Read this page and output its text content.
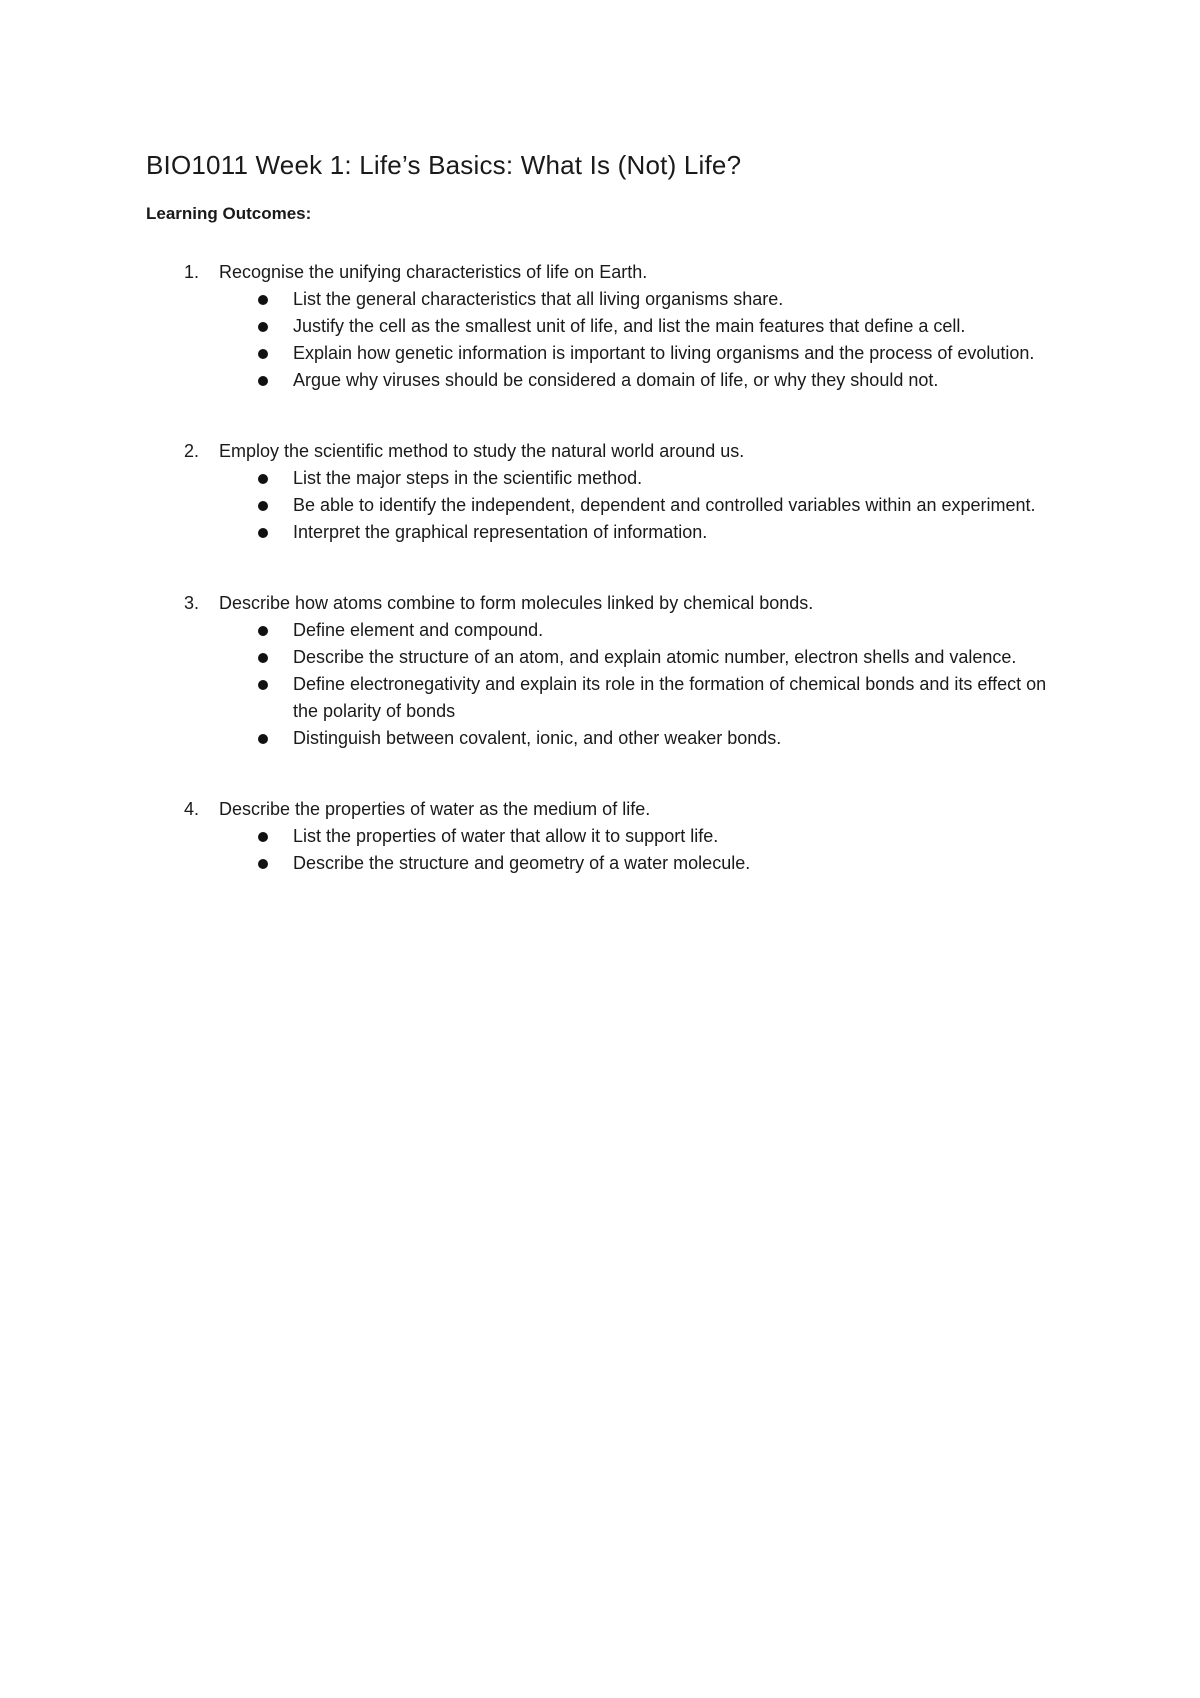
BIO1011 Week 1: Life’s Basics: What Is (Not) Life?
Learning Outcomes:
1.	Recognise the unifying characteristics of life on Earth.
List the general characteristics that all living organisms share.
Justify the cell as the smallest unit of life, and list the main features that define a cell.
Explain how genetic information is important to living organisms and the process of evolution.
Argue why viruses should be considered a domain of life, or why they should not.
2.	Employ the scientific method to study the natural world around us.
List the major steps in the scientific method.
Be able to identify the independent, dependent and controlled variables within an experiment.
Interpret the graphical representation of information.
3.	Describe how atoms combine to form molecules linked by chemical bonds.
Define element and compound.
Describe the structure of an atom, and explain atomic number, electron shells and valence.
Define electronegativity and explain its role in the formation of chemical bonds and its effect on the polarity of bonds
Distinguish between covalent, ionic, and other weaker bonds.
4.	Describe the properties of water as the medium of life.
List the properties of water that allow it to support life.
Describe the structure and geometry of a water molecule.
